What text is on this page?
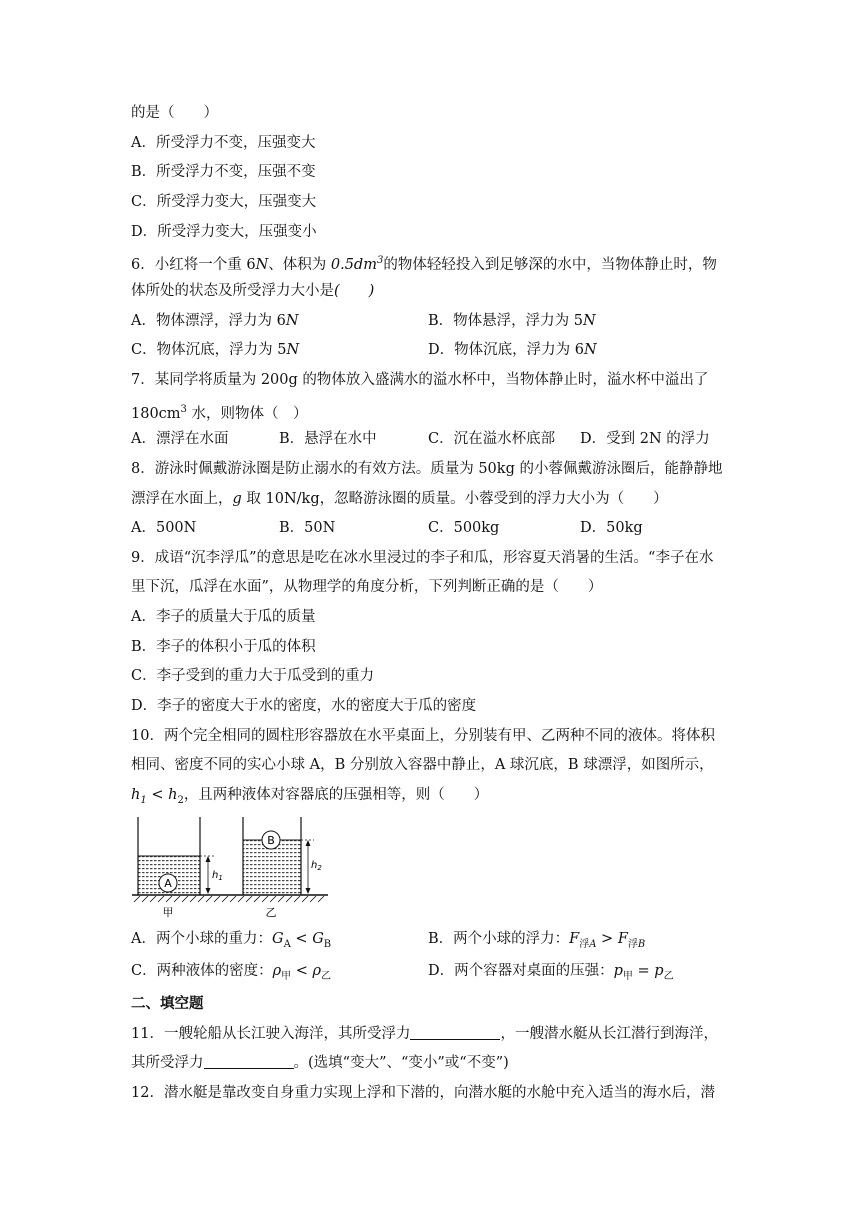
的是（　　）
A．所受浮力不变，压强变大
B．所受浮力不变，压强不变
C．所受浮力变大，压强变大
D．所受浮力变大，压强变小
6．小红将一个重 6N、体积为 $0.5dm^3$的物体轻轻投入到足够深的水中，当物体静止时，物
体所处的状态及所受浮力大小是(　　)
A．物体漂浮，浮力为 6N	B．物体悬浮，浮力为 5N
C．物体沉底，浮力为 5N	D．物体沉底，浮力为 6N
7．某同学将质量为 200g 的物体放入盛满水的溢水杯中，当物体静止时，溢水杯中溢出了
$180cm^3$ 水，则物体（　）
A．漂浮在水面	B．悬浮在水中	C．沉在溢水杯底部 D．受到 2N 的浮力
8．游泳时佩戴游泳圈是防止溺水的有效方法。质量为 50kg 的小蓉佩戴游泳圈后，能静静地
漂浮在水面上，g 取 10N/kg，忽略游泳圈的质量。小蓉受到的浮力大小为（　　）
A．500N	B．50N	C．500kg	D．50kg
9．成语“沉李浮瓜”的意思是吃在冰水里浸过的李子和瓜，形容夏天消暑的生活。“李子在水
里下沉，瓜浮在水面”，从物理学的角度分析，下列判断正确的是（　　）
A．李子的质量大于瓜的质量
B．李子的体积小于瓜的体积
C．李子受到的重力大于瓜受到的重力
D．李子的密度大于水的密度，水的密度大于瓜的密度
10．两个完全相同的圆柱形容器放在水平桌面上，分别装有甲、乙两种不同的液体。将体积
相同、密度不同的实心小球 A，B 分别放入容器中静止，A 球沉底，B 球漂浮，如图所示，
$h_1 < h_2$，且两种液体对容器底的压强相等，则（　　）
A
$h_1$
B
$h_2$
甲	乙
A．两个小球的重力：$G_A < G_B$	B．两个小球的浮力：$F_{浮A} > F_{浮B}$
C．两种液体的密度：$\rho_甲 < \rho_乙$	D．两个容器对桌面的压强：$p_甲 = p_乙$
二、填空题
11．一艘轮船从长江驶入海洋，其所受浮力	，一艘潜水艇从长江潜行到海洋，
其所受浮力	。(选填“变大”、“变小”或“不变”)
12．潜水艇是靠改变自身重力实现上浮和下潜的，向潜水艇的水舱中充入适当的海水后，潜
